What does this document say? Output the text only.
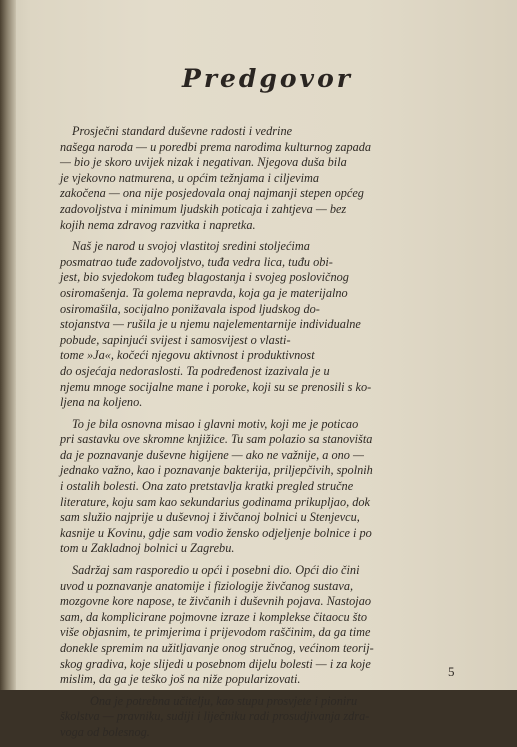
Predgovor
Prosječni standard duševne radosti i vedrine
našega naroda — u poredbi prema narodima kulturnog zapada
— bio je skoro uvijek nizak i negativan. Njegova duša bila
je vjekovno natmurena, u općim težnjama i ciljevima
zakočena — ona nije posjedovala onaj najmanji stepen općeg
zadovoljstva i minimum ljudskih poticaja i zahtjeva — bez
kojih nema zdravog razvitka i napretka.
Naš je narod u svojoj vlastitoj sredini stoljećima
posmatrao tuđe zadovoljstvo, tuđa vedra lica, tuđu obi-
jest, bio svjedokom tuđeg blagostanja i svojeg poslovičnog
osiromašenja. Ta golema nepravda, koja ga je materijalno
osiromašila, socijalno ponižavala ispod ljudskog do-
stojanstva — rušila je u njemu najelementarnije individualne
pobude, sapinjući svijest i samosvijest o vlasti-
tome »Ja«, kočeći njegovu aktivnost i produktivnost
do osjećaja nedoraslosti. Ta podređenost izazivala je u
njemu mnoge socijalne mane i poroke, koji su se prenosili s ko-
ljena na koljeno.
To je bila osnovna misao i glavni motiv, koji me je poticao
pri sastavku ove skromne knjižice. Tu sam polazio sa stanovišta
da je poznavanje duševne higijene — ako ne važnije, a ono —
jednako važno, kao i poznavanje bakterija, priljepčivih, spolnih
i ostalih bolesti. Ona zato pretstavlja kratki pregled stručne
literature, koju sam kao sekundarius godinama prikupljao, dok
sam služio najprije u duševnoj i živčanoj bolnici u Stenjevcu,
kasnije u Kovinu, gdje sam vodio žensko odjeljenje bolnice i po
tom u Zakladnoj bolnici u Zagrebu.
Sadržaj sam rasporedio u opći i posebni dio. Opći dio čini
uvod u poznavanje anatomije i fiziologije živčanog sustava,
mozgovne kore naposе, te živčanih i duševnih pojava. Nastojao
sam, da komplicirane pojmovne izraze i komplekse čitaocu što
više objasnim, te primjerima i prijevodom raščinim, da ga time
donekle spremim na užitljavanje onog stručnog, većinom teorij-
skog gradiva, koje slijedi u posebnom dijelu bolesti — i za koje
mislim, da ga je teško još na niže popularizovati.
Ona je potrebna učitelju, kao stupu prosvjete i pioniru
školstva — pravniku, sudiji i liječniku radi prosudjivanja zdra-
voga od bolesnog.
5
